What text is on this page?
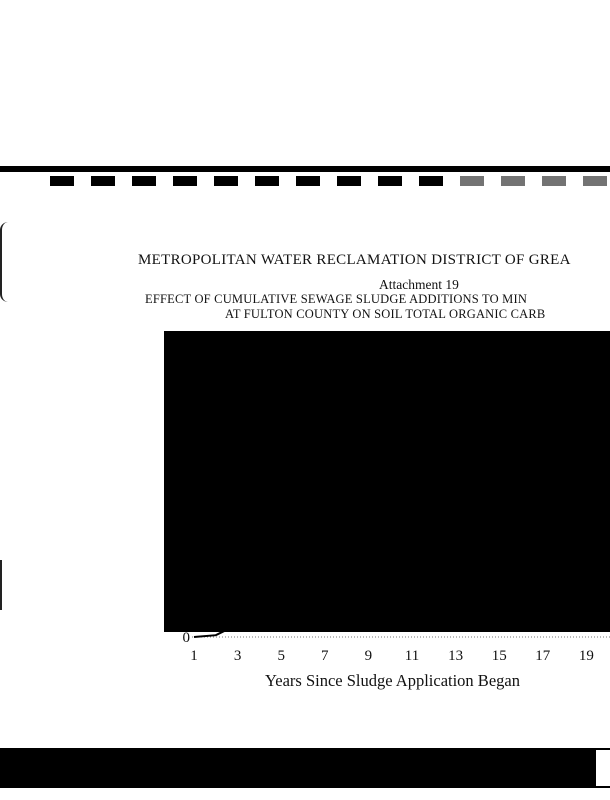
METROPOLITAN WATER RECLAMATION DISTRICT OF GREA
Attachment 19
EFFECT OF CUMULATIVE SEWAGE SLUDGE ADDITIONS TO MIN
AT FULTON COUNTY ON SOIL TOTAL ORGANIC CARB
1 3 5 7 9 11 13 15 17 19
0
Years Since Sludge Application Began
